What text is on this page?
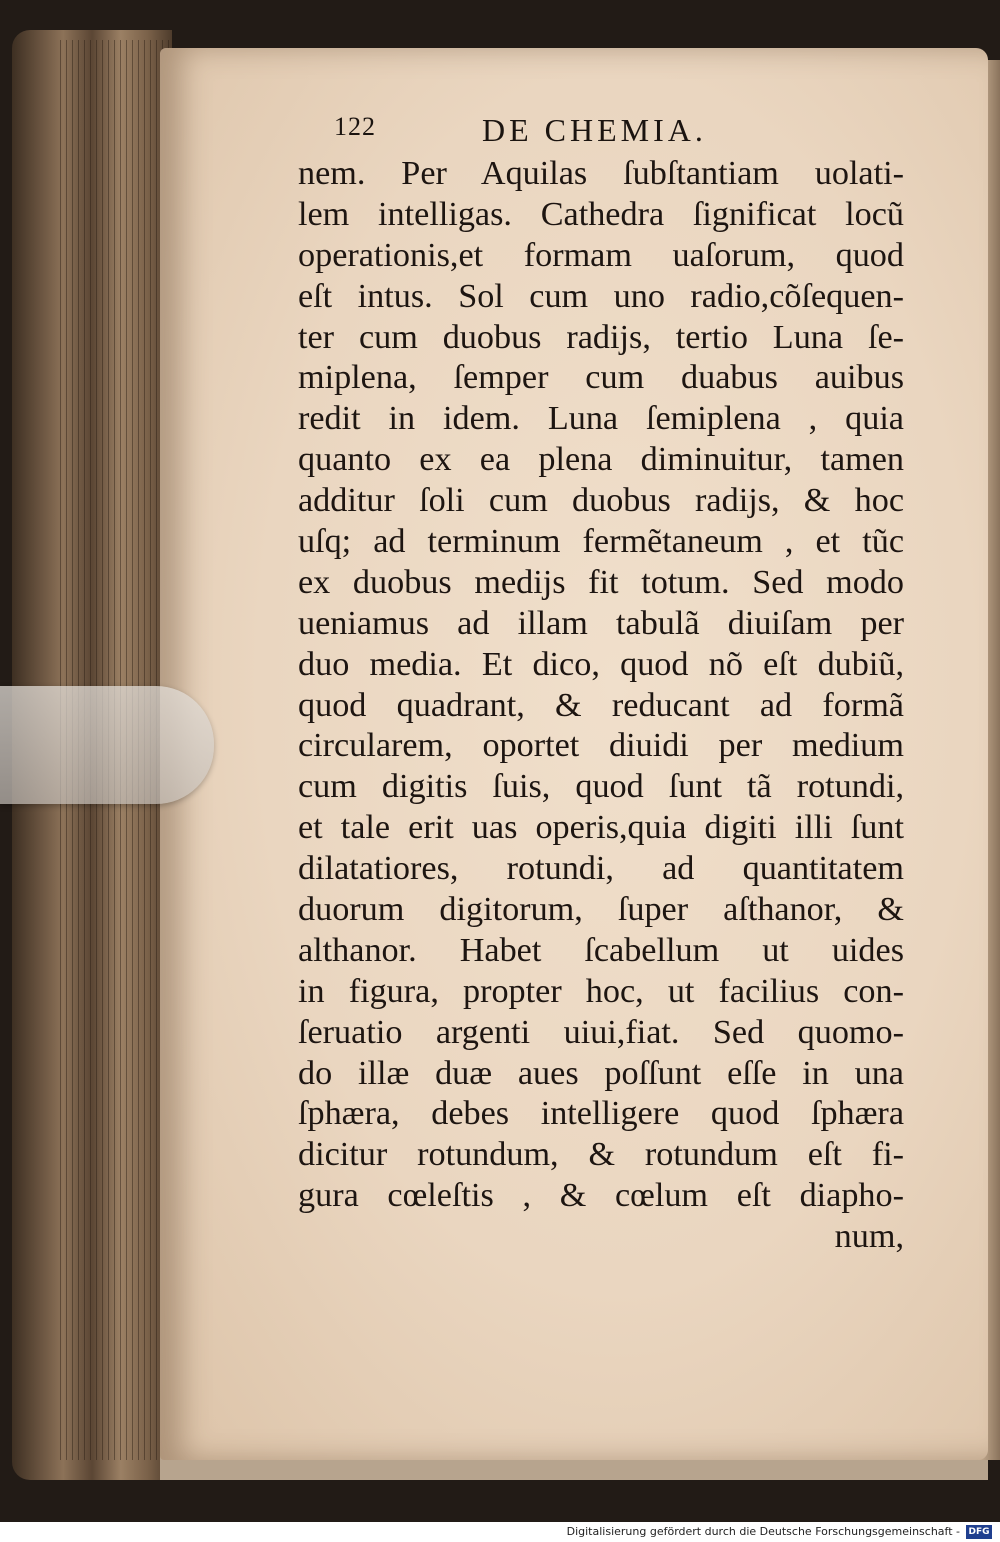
122	DE CHEMIA.
nem. Per Aquilas ſubſtantiam uolati-
lem intelligas. Cathedra ſignificat locũ
operationis,et formam uaſorum, quod
eſt intus. Sol cum uno radio,cõſequen-
ter cum duobus radijs, tertio Luna ſe-
miplena, ſemper cum duabus auibus
redit in idem. Luna ſemiplena , quia
quanto ex ea plena diminuitur, tamen
additur ſoli cum duobus radijs, & hoc
uſq; ad terminum fermẽtaneum , et tũc
ex duobus medijs fit totum. Sed modo
ueniamus ad illam tabulã diuiſam per
duo media. Et dico, quod nõ eſt dubiũ,
quod quadrant, & reducant ad formã
circularem, oportet diuidi per medium
cum digitis ſuis, quod ſunt tã rotundi,
et tale erit uas operis,quia digiti illi ſunt
dilatatiores, rotundi, ad quantitatem
duorum digitorum, ſuper aſthanor, &
althanor. Habet ſcabellum ut uides
in figura, propter hoc, ut facilius con-
ſeruatio argenti uiui,fiat. Sed quomo-
do illæ duæ aues poſſunt eſſe in una
ſphæra, debes intelligere quod ſphæra
dicitur rotundum, & rotundum eſt fi-
gura cœleſtis , & cœlum eſt diapho-
num,
Digitalisierung gefördert durch die Deutsche Forschungsgemeinschaft - DFG
